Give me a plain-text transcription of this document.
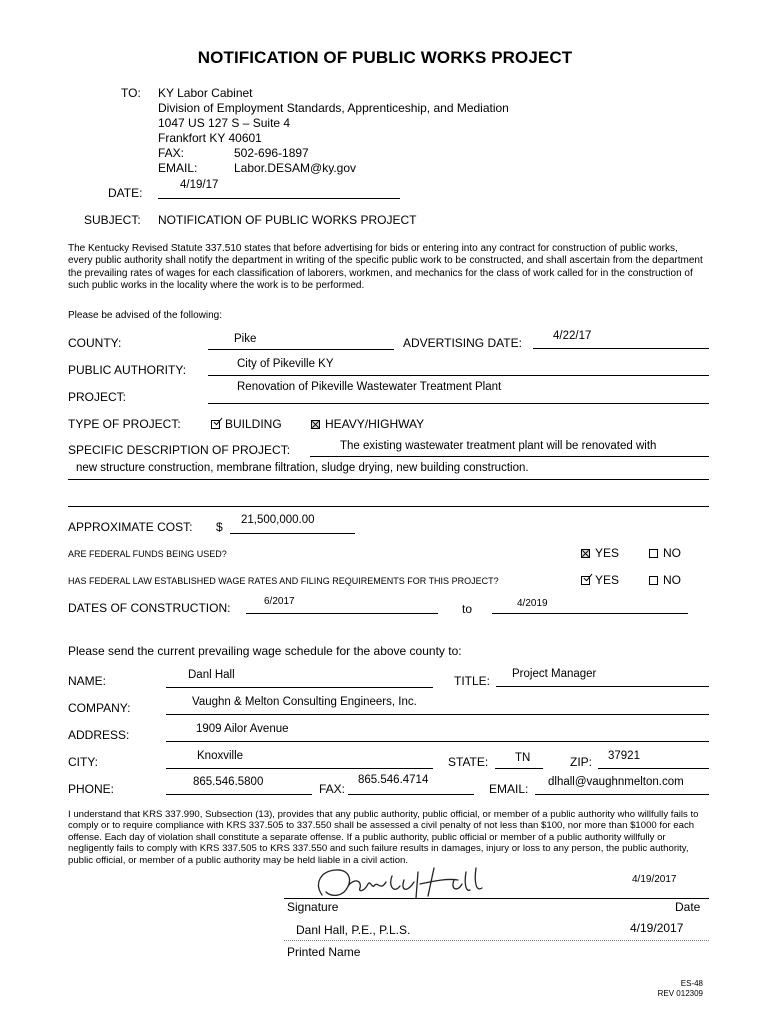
NOTIFICATION OF PUBLIC WORKS PROJECT
TO: KY Labor Cabinet
Division of Employment Standards, Apprenticeship, and Mediation
1047 US 127 S – Suite 4
Frankfort KY 40601
FAX:	502-696-1897
EMAIL:	Labor.DESAM@ky.gov
DATE:
4/19/17
SUBJECT: NOTIFICATION OF PUBLIC WORKS PROJECT
The Kentucky Revised Statute 337.510 states that before advertising for bids or entering into any contract for construction of public works, every public authority shall notify the department in writing of the specific public work to be constructed, and shall ascertain from the department the prevailing rates of wages for each classification of laborers, workmen, and mechanics for the class of work called for in the construction of such public works in the locality where the work is to be performed.
Please be advised of the following:
COUNTY:	Pike	ADVERTISING DATE:	4/22/17
PUBLIC AUTHORITY:	City of Pikeville KY
PROJECT:
Renovation of Pikeville Wastewater Treatment Plant
TYPE OF PROJECT:	BUILDING	HEAVY/HIGHWAY
SPECIFIC DESCRIPTION OF PROJECT:	The existing wastewater treatment plant will be renovated with
new structure construction, membrane filtration, sludge drying, new building construction.
APPROXIMATE COST: $ 21,500,000.00
ARE FEDERAL FUNDS BEING USED?	YES	NO
HAS FEDERAL LAW ESTABLISHED WAGE RATES AND FILING REQUIREMENTS FOR THIS PROJECT?	YES	NO
DATES OF CONSTRUCTION:	6/2017
to	4/2019
Please send the current prevailing wage schedule for the above county to:
NAME:	Danl Hall	TITLE: Project Manager
COMPANY:	Vaughn & Melton Consulting Engineers, Inc.
ADDRESS:	1909 Ailor Avenue
CITY:	Knoxville	STATE: TN	ZIP: 37921
PHONE:	865.546.5800	FAX:
865.546.4714
EMAIL: dlhall@vaughnmelton.com
I understand that KRS 337.990, Subsection (13), provides that any public authority, public official, or member of a public authority who willfully fails to comply or to require compliance with KRS 337.505 to 337.550 shall be assessed a civil penalty of not less than $100, nor more than $1000 for each offense. Each day of violation shall constitute a separate offense. If a public authority, public official or member of a public authority willfully or negligently fails to comply with KRS 337.505 to KRS 337.550 and such failure results in damages, injury or loss to any person, the public authority, public official, or member of a public authority may be held liable in a civil action.
4/19/2017
Signature	Date
Danl Hall, P.E., P.L.S.	4/19/2017
Printed Name
ES-48
REV 012309
